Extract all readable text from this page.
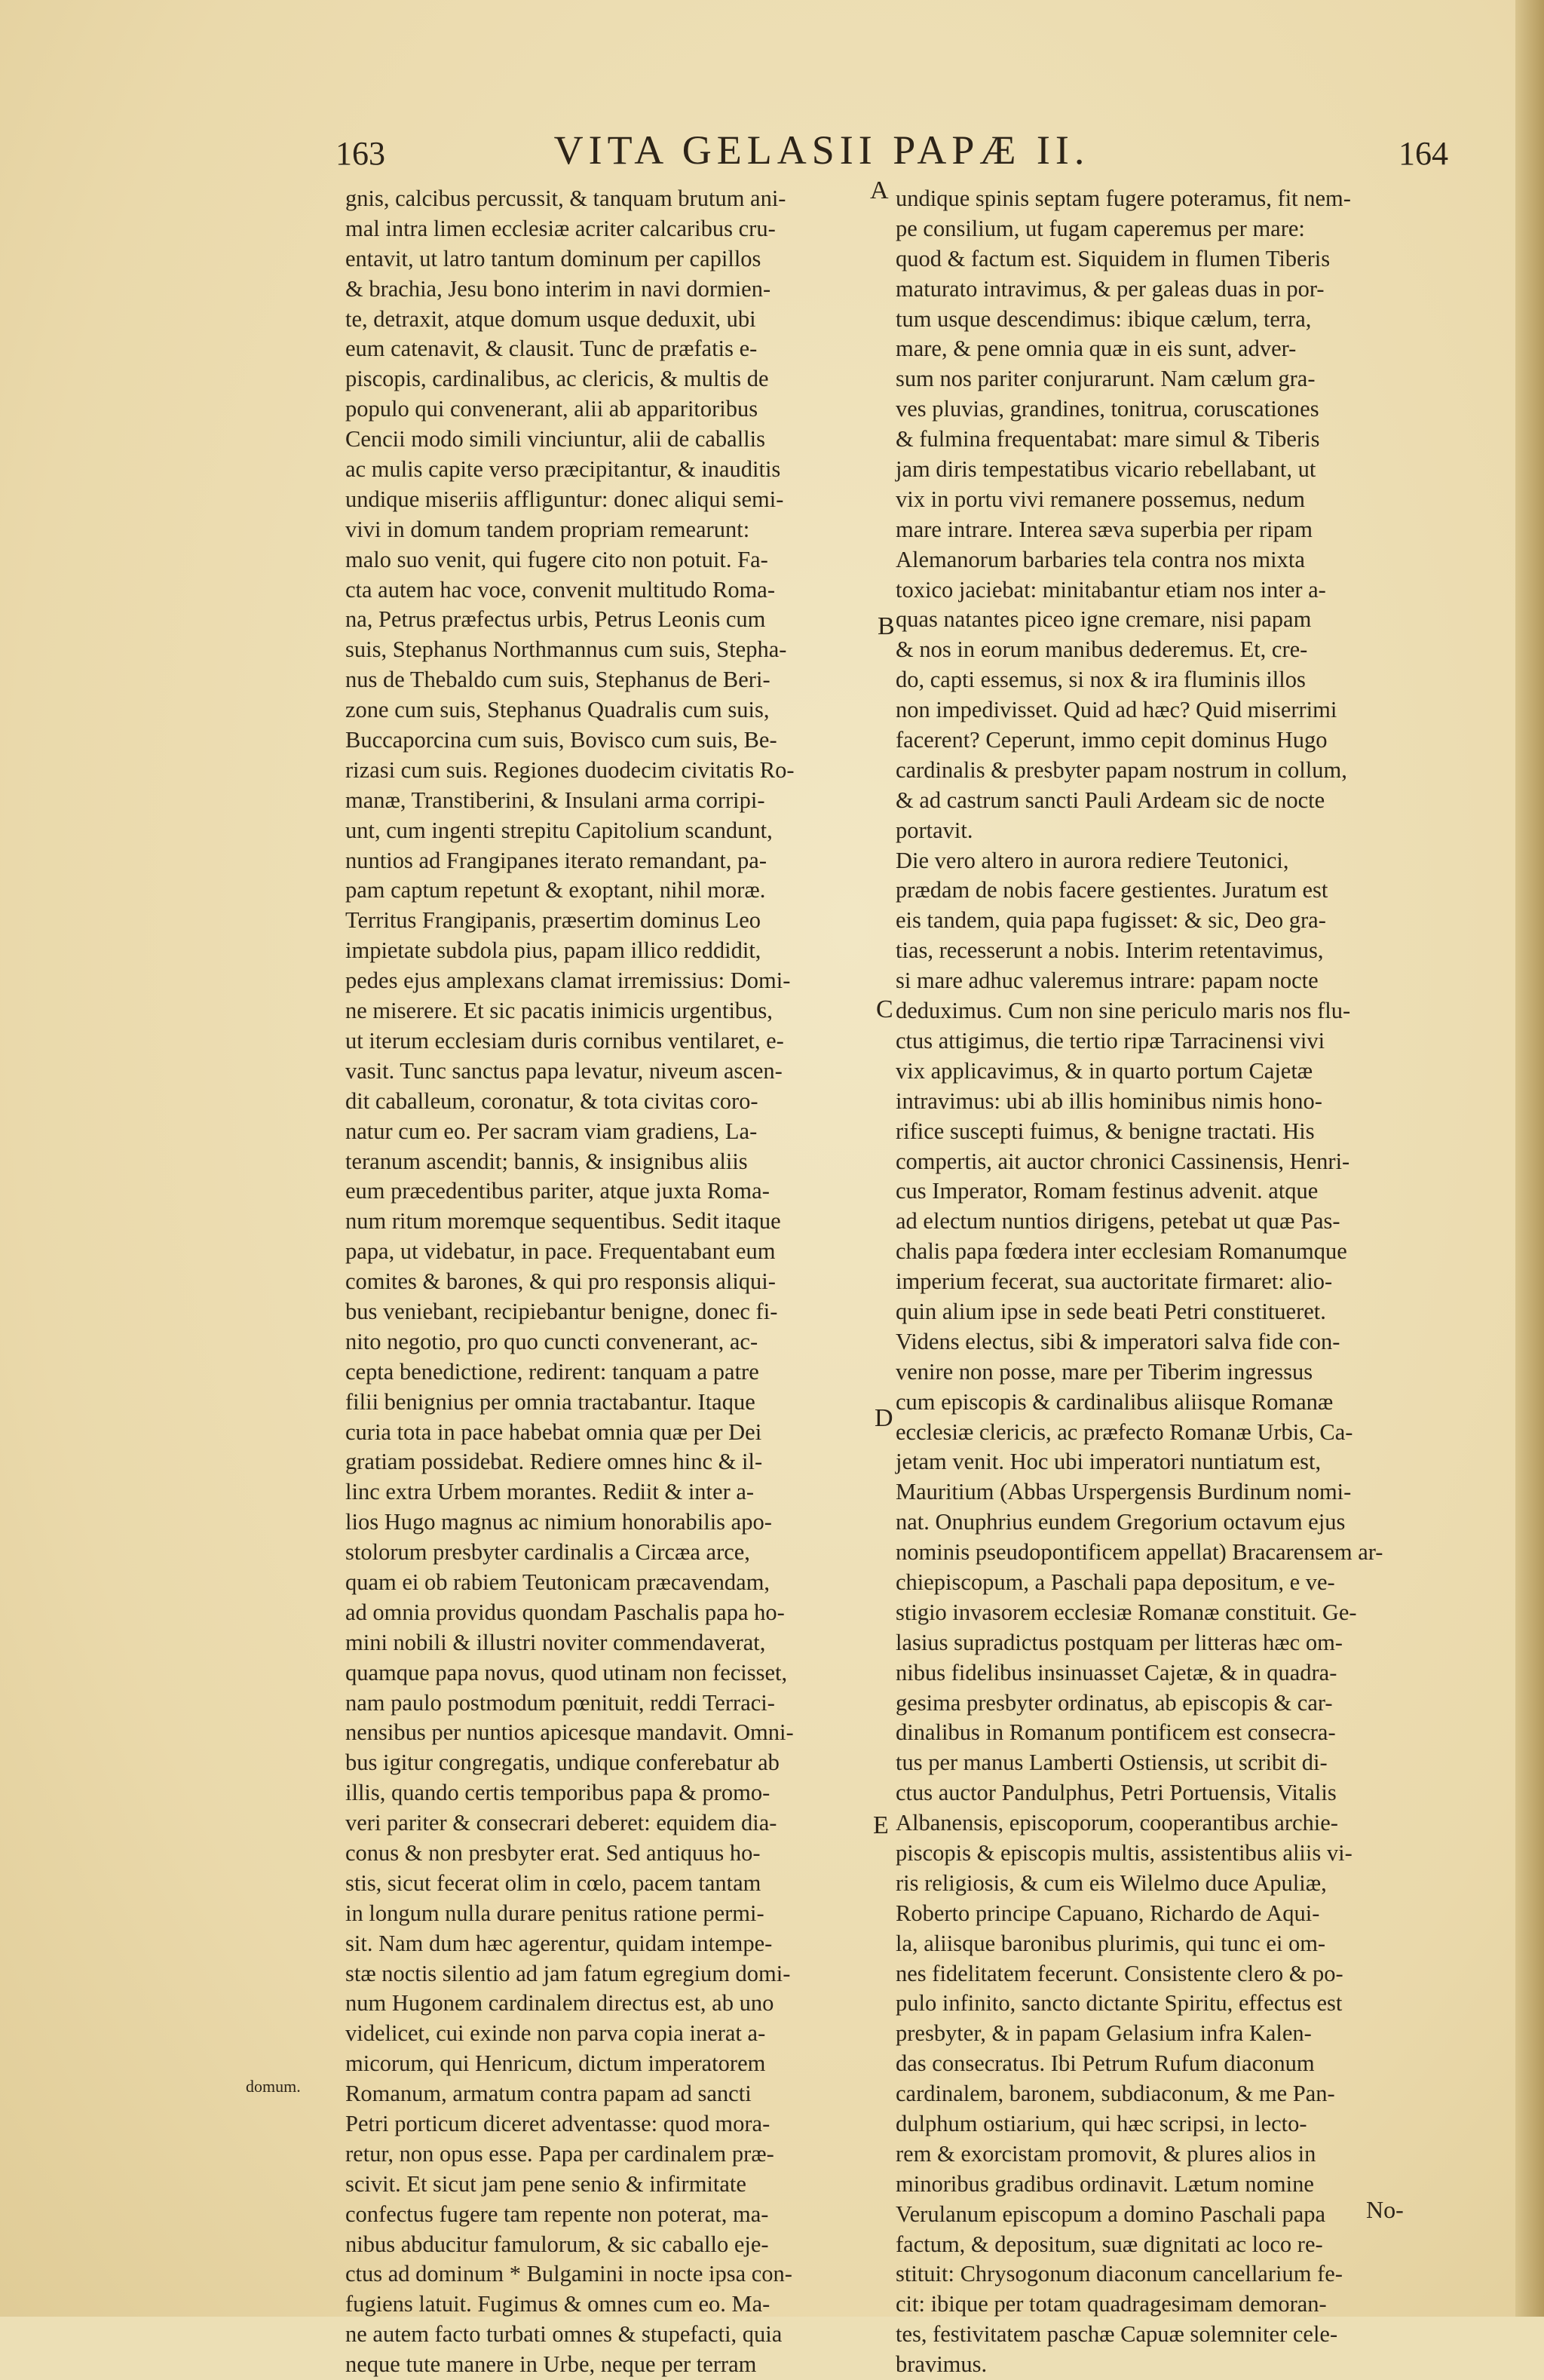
163	VITA GELASII PAPÆ II.	164
gnis, calcibus percussit, & tanquam brutum ani-
mal intra limen ecclesiæ acriter calcaribus cru-
entavit, ut latro tantum dominum per capillos
& brachia, Jesu bono interim in navi dormien-
te, detraxit, atque domum usque deduxit, ubi
eum catenavit, & clausit. Tunc de præfatis e-
piscopis, cardinalibus, ac clericis, & multis de
populo qui convenerant, alii ab apparitoribus
Cencii modo simili vinciuntur, alii de caballis
ac mulis capite verso præcipitantur, & inauditis
undique miseriis affliguntur: donec aliqui semi-
vivi in domum tandem propriam remearunt:
malo suo venit, qui fugere cito non potuit. Fa-
cta autem hac voce, convenit multitudo Roma-
na, Petrus præfectus urbis, Petrus Leonis cum
suis, Stephanus Northmannus cum suis, Stepha-
nus de Thebaldo cum suis, Stephanus de Beri-
zone cum suis, Stephanus Quadralis cum suis,
Buccaporcina cum suis, Bovisco cum suis, Be-
rizasi cum suis. Regiones duodecim civitatis Ro-
manæ, Transtiberini, & Insulani arma corripi-
unt, cum ingenti strepitu Capitolium scandunt,
nuntios ad Frangipanes iterato remandant, pa-
pam captum repetunt & exoptant, nihil moræ.
Territus Frangipanis, præsertim dominus Leo
impietate subdola pius, papam illico reddidit,
pedes ejus amplexans clamat irremissius: Domi-
ne miserere. Et sic pacatis inimicis urgentibus,
ut iterum ecclesiam duris cornibus ventilaret, e-
vasit. Tunc sanctus papa levatur, niveum ascen-
dit caballeum, coronatur, & tota civitas coro-
natur cum eo. Per sacram viam gradiens, La-
teranum ascendit; bannis, & insignibus aliis
eum præcedentibus pariter, atque juxta Roma-
num ritum moremque sequentibus. Sedit itaque
papa, ut videbatur, in pace. Frequentabant eum
comites & barones, & qui pro responsis aliqui-
bus veniebant, recipiebantur benigne, donec fi-
nito negotio, pro quo cuncti convenerant, ac-
cepta benedictione, redirent: tanquam a patre
filii benignius per omnia tractabantur. Itaque
curia tota in pace habebat omnia quæ per Dei
gratiam possidebat. Rediere omnes hinc & il-
linc extra Urbem morantes. Rediit & inter a-
lios Hugo magnus ac nimium honorabilis apo-
stolorum presbyter cardinalis a Circæa arce,
quam ei ob rabiem Teutonicam præcavendam,
ad omnia providus quondam Paschalis papa ho-
mini nobili & illustri noviter commendaverat,
quamque papa novus, quod utinam non fecisset,
nam paulo postmodum pœnituit, reddi Terraci-
nensibus per nuntios apicesque mandavit. Omni-
bus igitur congregatis, undique conferebatur ab
illis, quando certis temporibus papa & promo-
veri pariter & consecrari deberet: equidem dia-
conus & non presbyter erat. Sed antiquus ho-
stis, sicut fecerat olim in cœlo, pacem tantam
in longum nulla durare penitus ratione permi-
sit. Nam dum hæc agerentur, quidam intempe-
stæ noctis silentio ad jam fatum egregium domi-
num Hugonem cardinalem directus est, ab uno
videlicet, cui exinde non parva copia inerat a-
micorum, qui Henricum, dictum imperatorem
Romanum, armatum contra papam ad sancti
Petri porticum diceret adventasse: quod mora-
retur, non opus esse. Papa per cardinalem præ-
scivit. Et sicut jam pene senio & infirmitate
confectus fugere tam repente non poterat, ma-
nibus abducitur famulorum, & sic caballo eje-
ctus ad dominum * Bulgamini in nocte ipsa con-
fugiens latuit. Fugimus & omnes cum eo. Ma-
ne autem facto turbati omnes & stupefacti, quia
neque tute manere in Urbe, neque per terram
undique spinis septam fugere poteramus, fit nem-
pe consilium, ut fugam caperemus per mare:
quod & factum est. Siquidem in flumen Tiberis
maturato intravimus, & per galeas duas in por-
tum usque descendimus: ibique cælum, terra,
mare, & pene omnia quæ in eis sunt, adver-
sum nos pariter conjurarunt. Nam cælum gra-
ves pluvias, grandines, tonitrua, coruscationes
& fulmina frequentabat: mare simul & Tiberis
jam diris tempestatibus vicario rebellabant, ut
vix in portu vivi remanere possemus, nedum
mare intrare. Interea sæva superbia per ripam
Alemanorum barbaries tela contra nos mixta
toxico jaciebat: minitabantur etiam nos inter a-
quas natantes piceo igne cremare, nisi papam
& nos in eorum manibus dederemus. Et, cre-
do, capti essemus, si nox & ira fluminis illos
non impedivisset. Quid ad hæc? Quid miserrimi
facerent? Ceperunt, immo cepit dominus Hugo
cardinalis & presbyter papam nostrum in collum,
& ad castrum sancti Pauli Ardeam sic de nocte
portavit.
Die vero altero in aurora rediere Teutonici,
prædam de nobis facere gestientes. Juratum est
eis tandem, quia papa fugisset: & sic, Deo gra-
tias, recesserunt a nobis. Interim retentavimus,
si mare adhuc valeremus intrare: papam nocte
deduximus. Cum non sine periculo maris nos flu-
ctus attigimus, die tertio ripæ Tarracinensi vivi
vix applicavimus, & in quarto portum Cajetæ
intravimus: ubi ab illis hominibus nimis hono-
rifice suscepti fuimus, & benigne tractati. His
compertis, ait auctor chronici Cassinensis, Henri-
cus Imperator, Romam festinus advenit. atque
ad electum nuntios dirigens, petebat ut quæ Pas-
chalis papa fœdera inter ecclesiam Romanumque
imperium fecerat, sua auctoritate firmaret: alio-
quin alium ipse in sede beati Petri constitueret.
Videns electus, sibi & imperatori salva fide con-
venire non posse, mare per Tiberim ingressus
cum episcopis & cardinalibus aliisque Romanæ
ecclesiæ clericis, ac præfecto Romanæ Urbis, Ca-
jetam venit. Hoc ubi imperatori nuntiatum est,
Mauritium (Abbas Urspergensis Burdinum nomi-
nat. Onuphrius eundem Gregorium octavum ejus
nominis pseudopontificem appellat) Bracarensem ar-
chiepiscopum, a Paschali papa depositum, e ve-
stigio invasorem ecclesiæ Romanæ constituit. Ge-
lasius supradictus postquam per litteras hæc om-
nibus fidelibus insinuasset Cajetæ, & in quadra-
gesima presbyter ordinatus, ab episcopis & car-
dinalibus in Romanum pontificem est consecra-
tus per manus Lamberti Ostiensis, ut scribit di-
ctus auctor Pandulphus, Petri Portuensis, Vitalis
Albanensis, episcoporum, cooperantibus archie-
piscopis & episcopis multis, assistentibus aliis vi-
ris religiosis, & cum eis Wilelmo duce Apuliæ,
Roberto principe Capuano, Richardo de Aqui-
la, aliisque baronibus plurimis, qui tunc ei om-
nes fidelitatem fecerunt. Consistente clero & po-
pulo infinito, sancto dictante Spiritu, effectus est
presbyter, & in papam Gelasium infra Kalen-
das consecratus. Ibi Petrum Rufum diaconum
cardinalem, baronem, subdiaconum, & me Pan-
dulphum ostiarium, qui hæc scripsi, in lecto-
rem & exorcistam promovit, & plures alios in
minoribus gradibus ordinavit. Lætum nomine
Verulanum episcopum a domino Paschali papa
factum, & depositum, suæ dignitati ac loco re-
stituit: Chrysogonum diaconum cancellarium fe-
cit: ibique per totam quadragesimam demoran-
tes, festivitatem paschæ Capuæ solemniter cele-
bravimus.
A
B
C
D
E
domum.
No-
